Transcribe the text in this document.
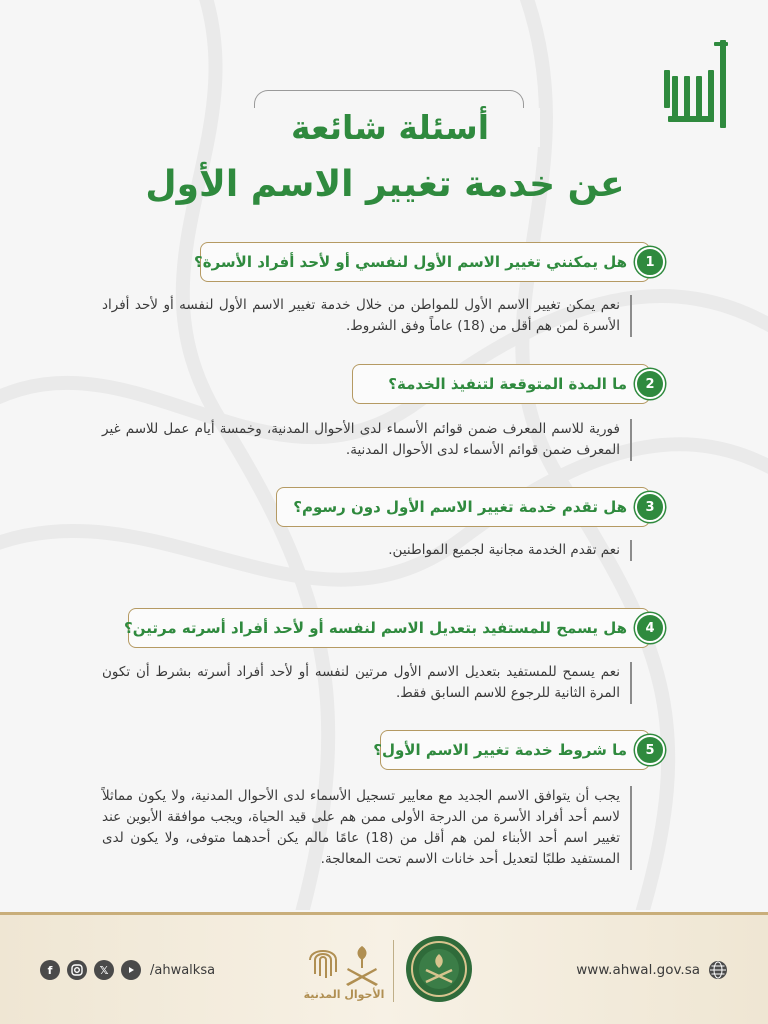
أسئلة شائعة
عن خدمة تغيير الاسم الأول
هل يمكنني تغيير الاسم الأول لنفسي أو لأحد أفراد الأسرة؟	1
نعم يمكن تغيير الاسم الأول للمواطن من خلال خدمة تغيير الاسم الأول لنفسه أو لأحد أفراد الأسرة لمن هم أقل من (18) عاماً وفق الشروط.
ما المدة المتوقعة لتنفيذ الخدمة؟	2
فورية للاسم المعرف ضمن قوائم الأسماء لدى الأحوال المدنية، وخمسة أيام عمل للاسم غير المعرف ضمن قوائم الأسماء لدى الأحوال المدنية.
هل تقدم خدمة تغيير الاسم الأول دون رسوم؟	3
نعم تقدم الخدمة مجانية لجميع المواطنين.
هل يسمح للمستفيد بتعديل الاسم لنفسه أو لأحد أفراد أسرته مرتين؟	4
نعم يسمح للمستفيد بتعديل الاسم الأول مرتين لنفسه أو لأحد أفراد أسرته بشرط أن تكون المرة الثانية للرجوع للاسم السابق فقط.
ما شروط خدمة تغيير الاسم الأول؟	5
يجب أن يتوافق الاسم الجديد مع معايير تسجيل الأسماء لدى الأحوال المدنية، ولا يكون مماثلاً لاسم أحد أفراد الأسرة من الدرجة الأولى ممن هم على قيد الحياة، ويجب موافقة الأبوين عند تغيير اسم أحد الأبناء لمن هم أقل من (18) عامًا مالم يكن أحدهما متوفى، ولا يكون لدى المستفيد طلبًا لتعديل أحد خانات الاسم تحت المعالجة.
f	𝕏	/ahwalksa
الأحوال المدنية
www.ahwal.gov.sa
